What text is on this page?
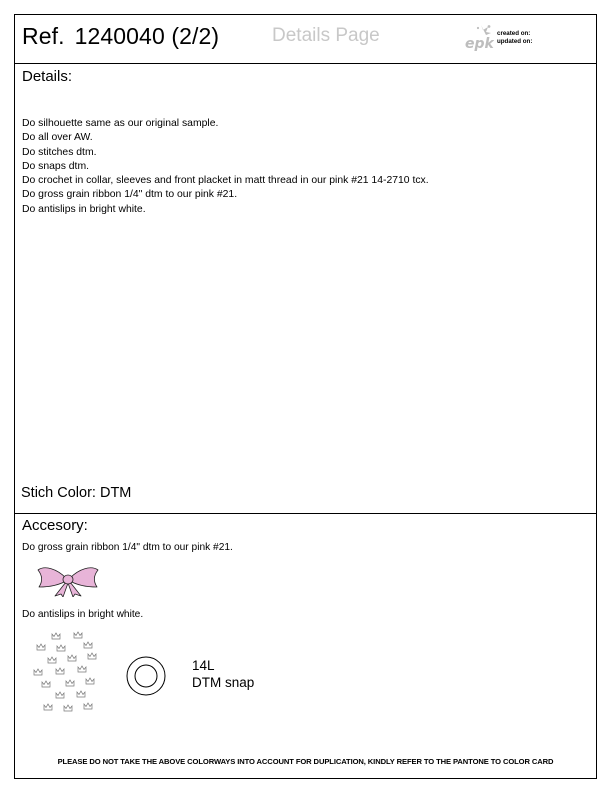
Ref. 1240040 (2/2)	Details Page	epk
created on:
updated on:
Details:
Do silhouette same as our original sample.
Do all over AW.
Do stitches dtm.
Do snaps dtm.
Do crochet in collar, sleeves and front placket in matt thread in our pink #21 14-2710 tcx.
Do gross grain ribbon 1/4" dtm to our pink #21.
Do antislips in bright white.
Stich Color: DTM
Accesory:
Do gross grain ribbon 1/4" dtm to our pink #21.
Do antislips in bright white.
14L
DTM snap
PLEASE DO NOT TAKE THE ABOVE COLORWAYS INTO ACCOUNT FOR DUPLICATION, KINDLY REFER TO THE PANTONE TO COLOR CARD
